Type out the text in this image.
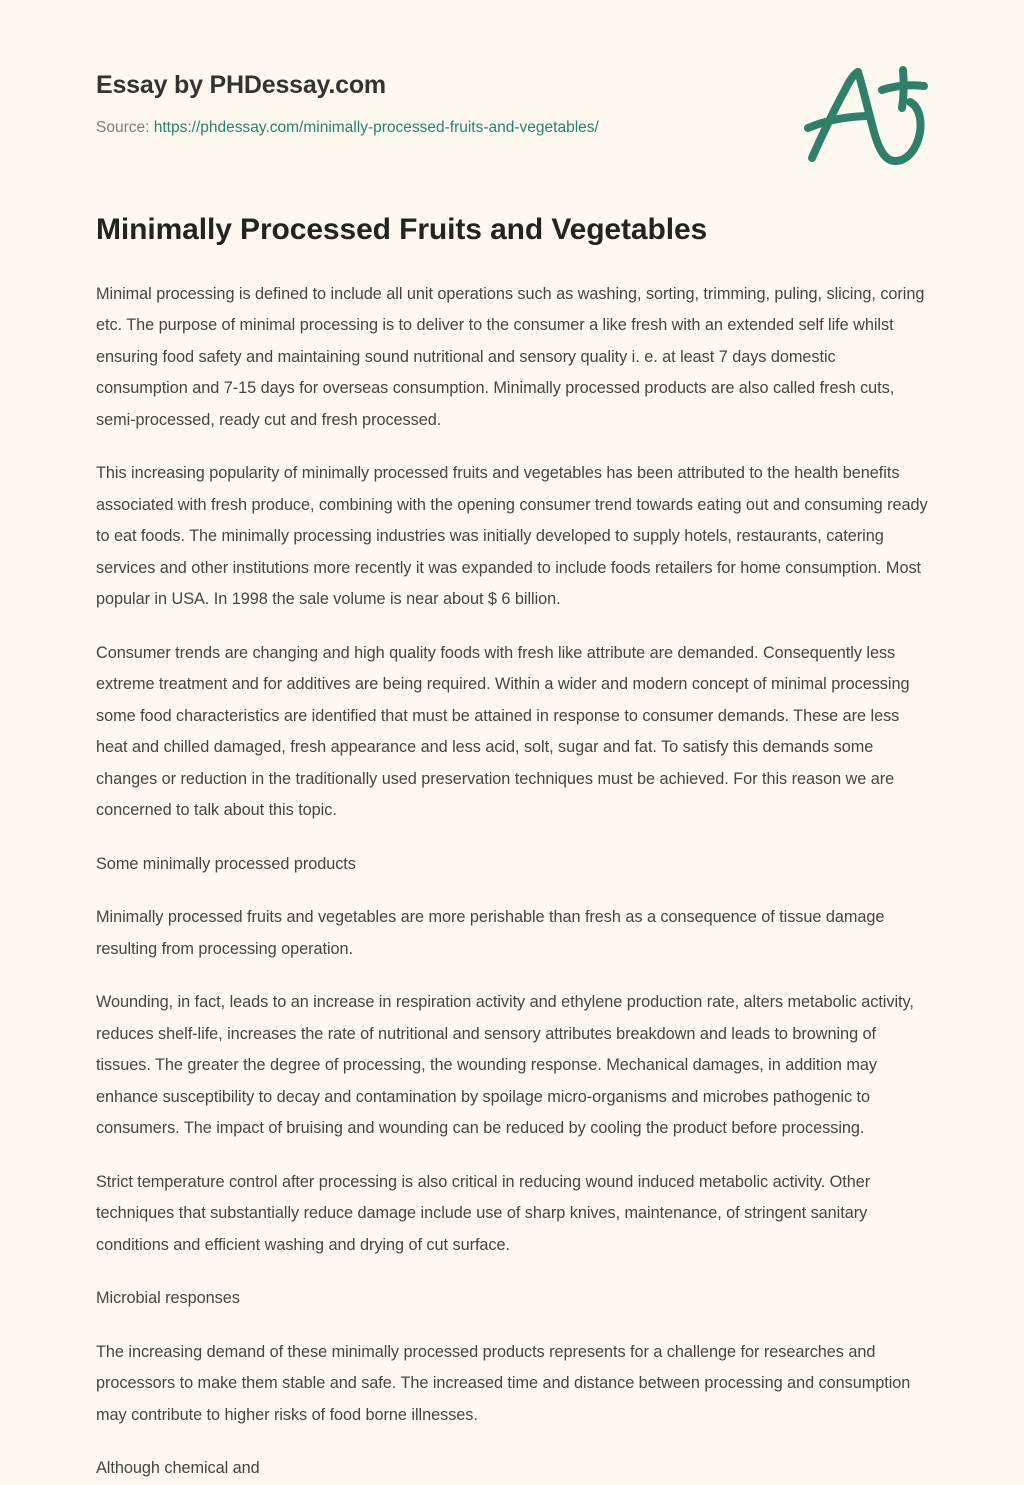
Essay by PHDessay.com
Source: https://phdessay.com/minimally-processed-fruits-and-vegetables/
Minimally Processed Fruits and Vegetables

Minimal processing is defined to include all unit operations such as washing, sorting, trimming, puling, slicing, coring etc. The purpose of minimal processing is to deliver to the consumer a like fresh with an extended self life whilst ensuring food safety and maintaining sound nutritional and sensory quality i. e. at least 7 days domestic consumption and 7-15 days for overseas consumption. Minimally processed products are also called fresh cuts, semi-processed, ready cut and fresh processed.

This increasing popularity of minimally processed fruits and vegetables has been attributed to the health benefits associated with fresh produce, combining with the opening consumer trend towards eating out and consuming ready to eat foods. The minimally processing industries was initially developed to supply hotels, restaurants, catering services and other institutions more recently it was expanded to include foods retailers for home consumption. Most popular in USA. In 1998 the sale volume is near about $ 6 billion.

Consumer trends are changing and high quality foods with fresh like attribute are demanded. Consequently less extreme treatment and for additives are being required. Within a wider and modern concept of minimal processing some food characteristics are identified that must be attained in response to consumer demands. These are less heat and chilled damaged, fresh appearance and less acid, solt, sugar and fat. To satisfy this demands some changes or reduction in the traditionally used preservation techniques must be achieved. For this reason we are concerned to talk about this topic.

Some minimally processed products

Minimally processed fruits and vegetables are more perishable than fresh as a consequence of tissue damage resulting from processing operation.

Wounding, in fact, leads to an increase in respiration activity and ethylene production rate, alters metabolic activity, reduces shelf-life, increases the rate of nutritional and sensory attributes breakdown and leads to browning of tissues. The greater the degree of processing, the wounding response. Mechanical damages, in addition may enhance susceptibility to decay and contamination by spoilage micro-organisms and microbes pathogenic to consumers. The impact of bruising and wounding can be reduced by cooling the product before processing.

Strict temperature control after processing is also critical in reducing wound induced metabolic activity. Other techniques that substantially reduce damage include use of sharp knives, maintenance, of stringent sanitary conditions and efficient washing and drying of cut surface.

Microbial responses

The increasing demand of these minimally processed products represents for a challenge for researches and processors to make them stable and safe. The increased time and distance between processing and consumption may contribute to higher risks of food borne illnesses.

Although chemical and
